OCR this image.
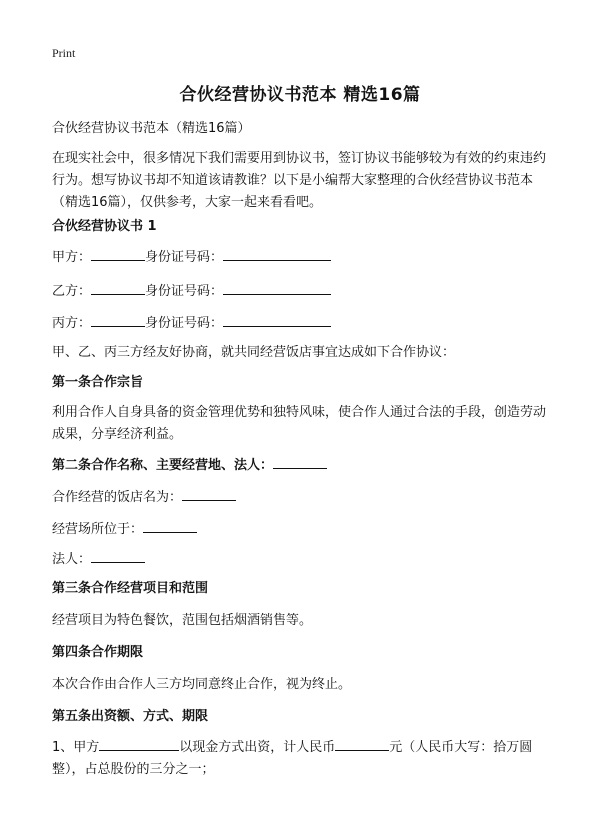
Print
合伙经营协议书范本 精选16篇
合伙经营协议书范本（精选16篇）
在现实社会中，很多情况下我们需要用到协议书，签订协议书能够较为有效的约束违约行为。想写协议书却不知道该请教谁？以下是小编帮大家整理的合伙经营协议书范本（精选16篇），仅供参考，大家一起来看看吧。
合伙经营协议书 1
甲方：	身份证号码：
乙方：	身份证号码：
丙方：	身份证号码：
甲、乙、丙三方经友好协商，就共同经营饭店事宜达成如下合作协议：
第一条合作宗旨
利用合作人自身具备的资金管理优势和独特风味，使合作人通过合法的手段，创造劳动成果，分享经济利益。
第二条合作名称、主要经营地、法人：
合作经营的饭店名为：
经营场所位于：
法人：
第三条合作经营项目和范围
经营项目为特色餐饮，范围包括烟酒销售等。
第四条合作期限
本次合作由合作人三方均同意终止合作，视为终止。
第五条出资额、方式、期限
1、甲方	以现金方式出资，计人民币	元（人民币大写：拾万圆整），占总股份的三分之一；
